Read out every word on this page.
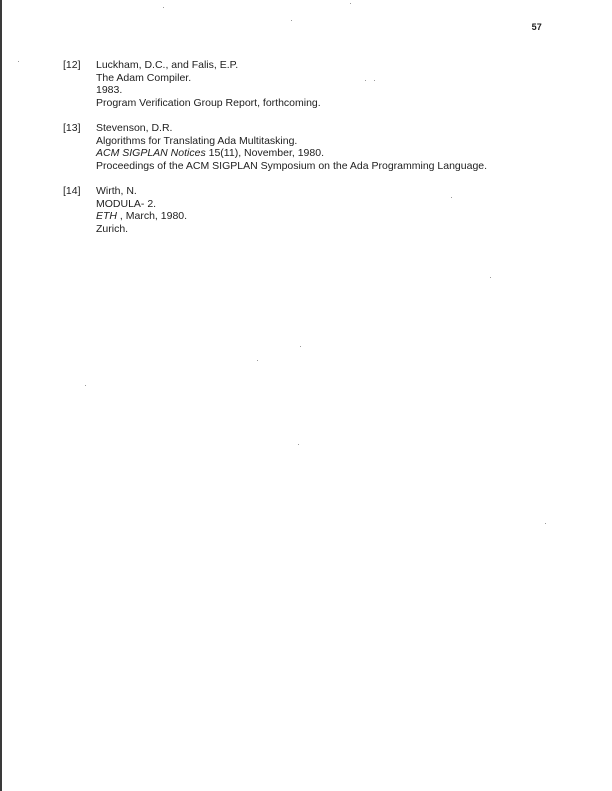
57
[12] Luckham, D.C., and Falis, E.P.
The Adam Compiler.
1983.
Program Verification Group Report, forthcoming.
[13] Stevenson, D.R.
Algorithms for Translating Ada Multitasking.
ACM SIGPLAN Notices 15(11), November, 1980.
Proceedings of the ACM SIGPLAN Symposium on the Ada Programming Language.
[14] Wirth, N.
MODULA- 2.
ETH , March, 1980.
Zurich.
